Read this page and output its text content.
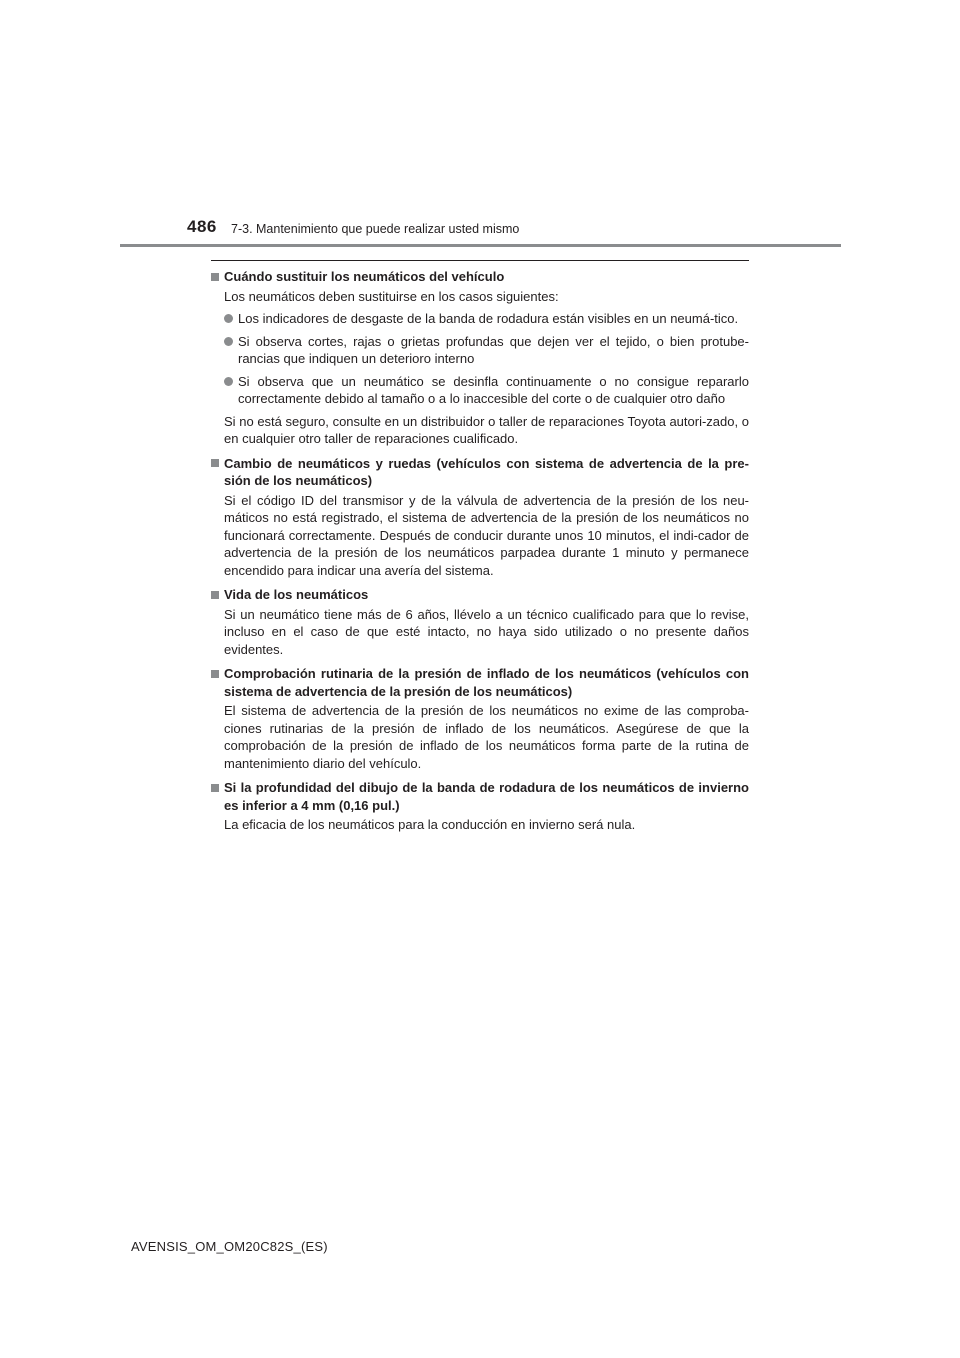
486 7-3. Mantenimiento que puede realizar usted mismo
Cuándo sustituir los neumáticos del vehículo
Los neumáticos deben sustituirse en los casos siguientes:
Los indicadores de desgaste de la banda de rodadura están visibles en un neumá-tico.
Si observa cortes, rajas o grietas profundas que dejen ver el tejido, o bien protube-rancias que indiquen un deterioro interno
Si observa que un neumático se desinfla continuamente o no consigue repararlo correctamente debido al tamaño o a lo inaccesible del corte o de cualquier otro daño
Si no está seguro, consulte en un distribuidor o taller de reparaciones Toyota autori-zado, o en cualquier otro taller de reparaciones cualificado.
Cambio de neumáticos y ruedas (vehículos con sistema de advertencia de la pre-sión de los neumáticos)
Si el código ID del transmisor y de la válvula de advertencia de la presión de los neu-máticos no está registrado, el sistema de advertencia de la presión de los neumáticos no funcionará correctamente. Después de conducir durante unos 10 minutos, el indi-cador de advertencia de la presión de los neumáticos parpadea durante 1 minuto y permanece encendido para indicar una avería del sistema.
Vida de los neumáticos
Si un neumático tiene más de 6 años, llévelo a un técnico cualificado para que lo revise, incluso en el caso de que esté intacto, no haya sido utilizado o no presente daños evidentes.
Comprobación rutinaria de la presión de inflado de los neumáticos (vehículos con sistema de advertencia de la presión de los neumáticos)
El sistema de advertencia de la presión de los neumáticos no exime de las comproba-ciones rutinarias de la presión de inflado de los neumáticos. Asegúrese de que la comprobación de la presión de inflado de los neumáticos forma parte de la rutina de mantenimiento diario del vehículo.
Si la profundidad del dibujo de la banda de rodadura de los neumáticos de invierno es inferior a 4 mm (0,16 pul.)
La eficacia de los neumáticos para la conducción en invierno será nula.
AVENSIS_OM_OM20C82S_(ES)
